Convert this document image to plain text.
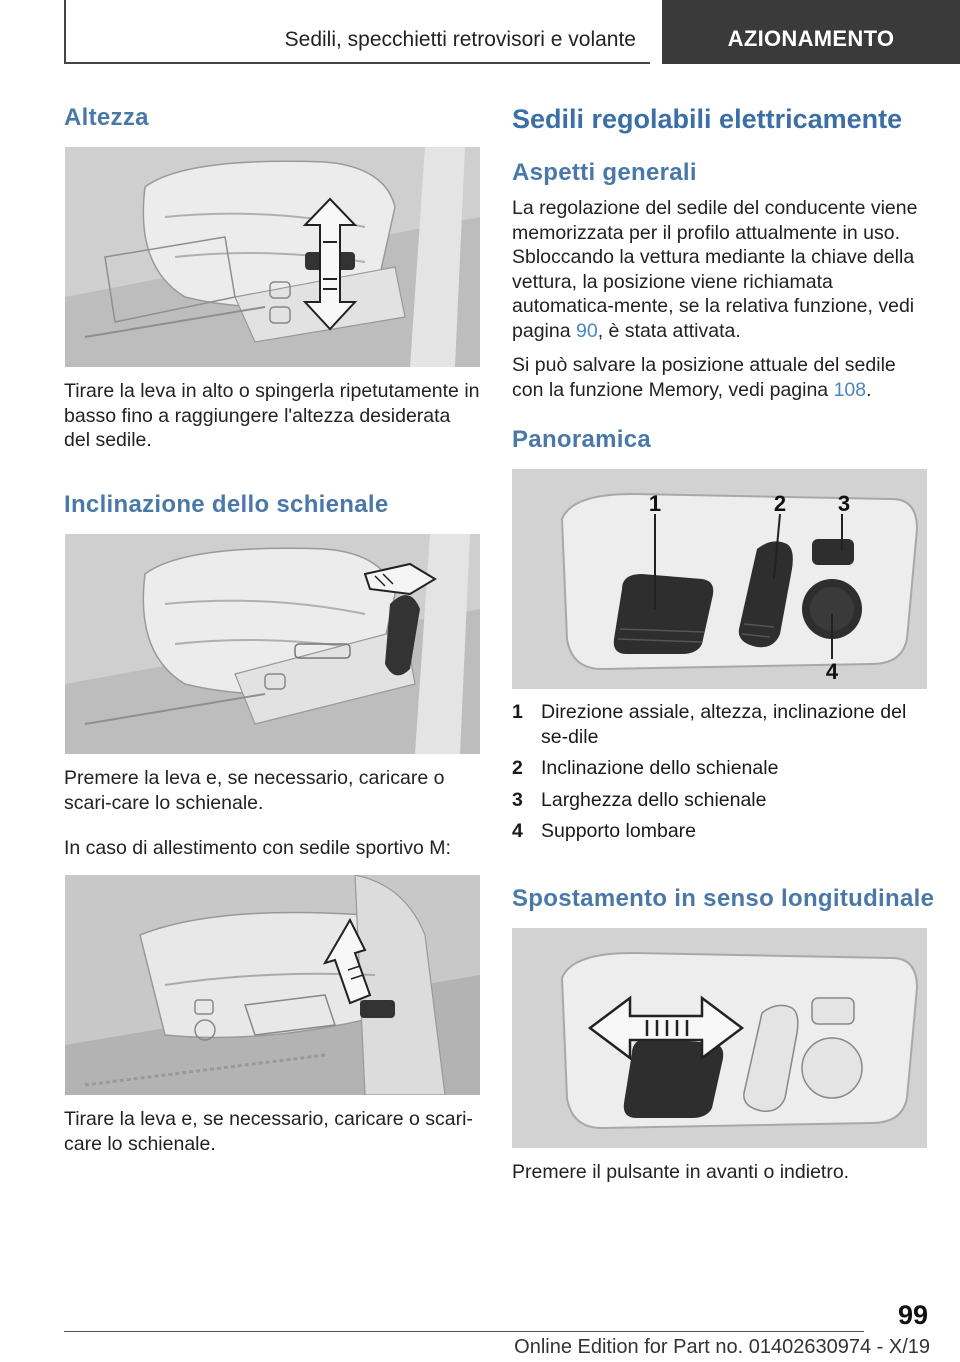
Sedili, specchietti retrovisori e volante	AZIONAMENTO
Altezza

Tirare la leva in alto o spingerla ripetutamente in basso fino a raggiungere l'altezza desiderata del sedile.

Inclinazione dello schienale

Premere la leva e, se necessario, caricare o scari-care lo schienale.

In caso di allestimento con sedile sportivo M:

Tirare la leva e, se necessario, caricare o scari-care lo schienale.

Sedili regolabili elettricamente
Aspetti generali

La regolazione del sedile del conducente viene memorizzata per il profilo attualmente in uso. Sbloccando la vettura mediante la chiave della vettura, la posizione viene richiamata automatica-mente, se la relativa funzione, vedi pagina 90, è stata attivata.

Si può salvare la posizione attuale del sedile con la funzione Memory, vedi pagina 108.

Panoramica
1	2 3
4
1 Direzione assiale, altezza, inclinazione del se-dile
2 Inclinazione dello schienale
3 Larghezza dello schienale
4 Supporto lombare
Spostamento in senso longitudinale

Premere il pulsante in avanti o indietro.

99
Online Edition for Part no. 01402630974 - X/19
